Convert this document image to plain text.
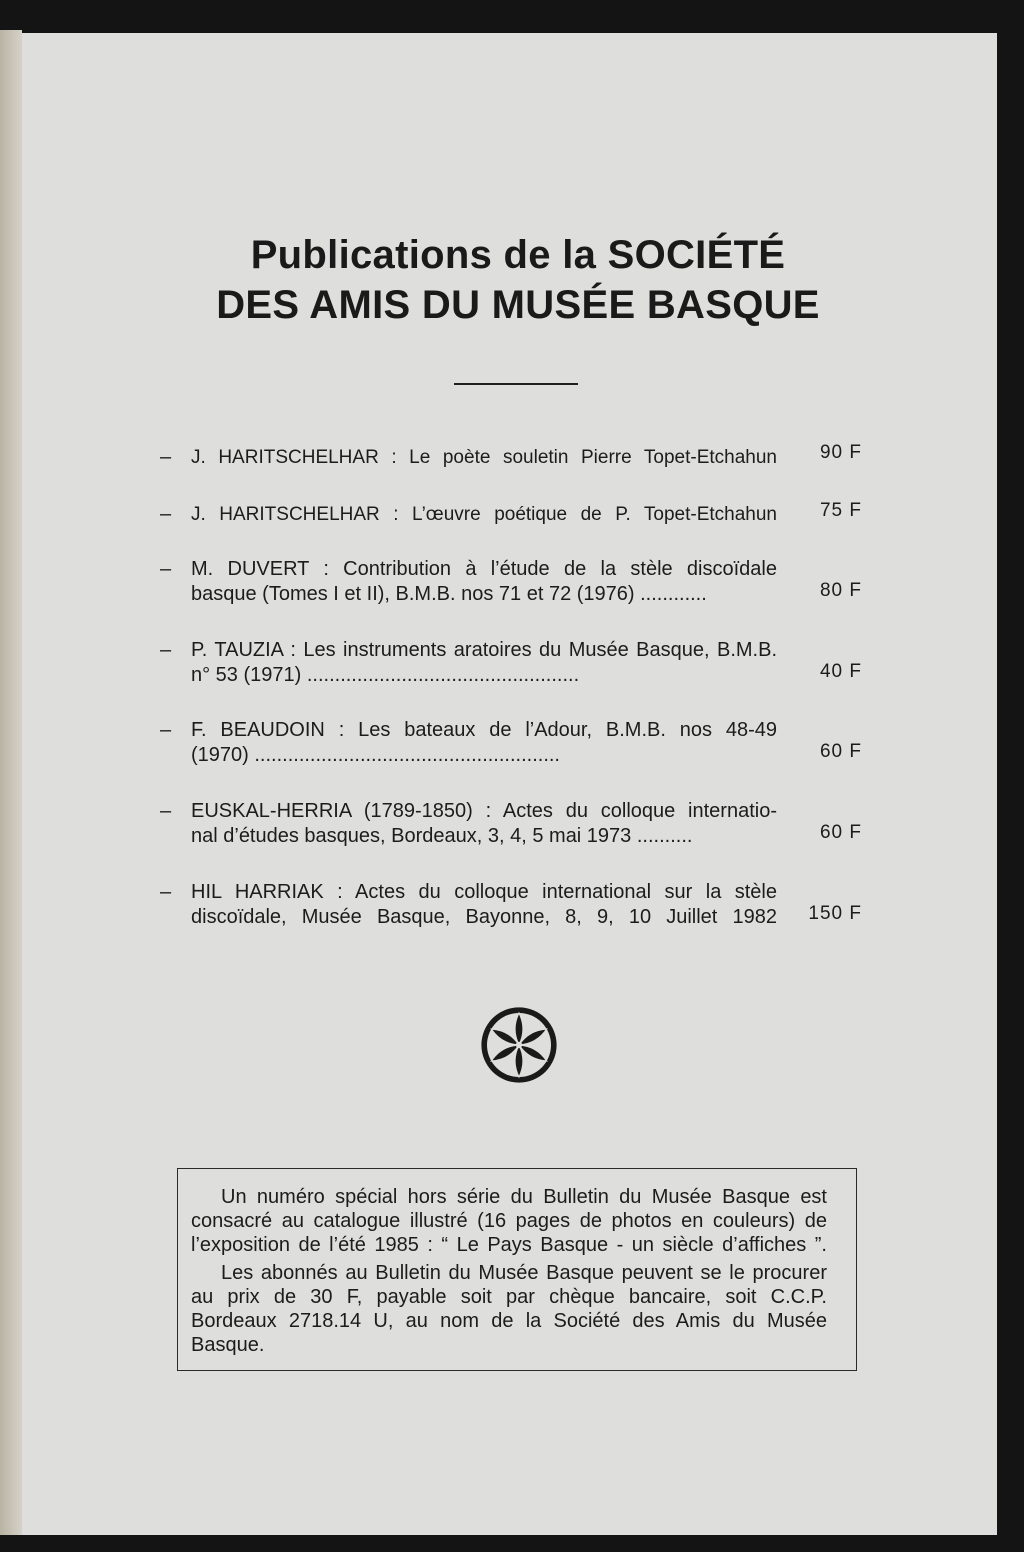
Publications de la SOCIÉTÉ
DES AMIS DU MUSÉE BASQUE
– J. HARITSCHELHAR : Le poète souletin Pierre Topet-Etchahun 90 F
– J. HARITSCHELHAR : L’œuvre poétique de P. Topet-Etchahun 75 F
– M. DUVERT : Contribution à l’étude de la stèle discoïdale
basque (Tomes I et II), B.M.B. nos 71 et 72 (1976) ............	80 F
– P. TAUZIA : Les instruments aratoires du Musée Basque, B.M.B.
n° 53 (1971) .................................................	40 F
– F. BEAUDOIN : Les bateaux de l’Adour, B.M.B. nos 48-49
(1970) .......................................................	60 F
– EUSKAL-HERRIA (1789-1850) : Actes du colloque internatio-
nal d’études basques, Bordeaux, 3, 4, 5 mai 1973 ..........	60 F
– HIL HARRIAK : Actes du colloque international sur la stèle
discoïdale, Musée Basque, Bayonne, 8, 9, 10 Juillet 1982 150 F
Un numéro spécial hors série du Bulletin du Musée Basque est
consacré au catalogue illustré (16 pages de photos en couleurs) de
l’exposition de l’été 1985 : “ Le Pays Basque - un siècle d’affiches ”.
Les abonnés au Bulletin du Musée Basque peuvent se le procurer
au prix de 30 F, payable soit par chèque bancaire, soit C.C.P.
Bordeaux 2718.14 U, au nom de la Société des Amis du Musée
Basque.
